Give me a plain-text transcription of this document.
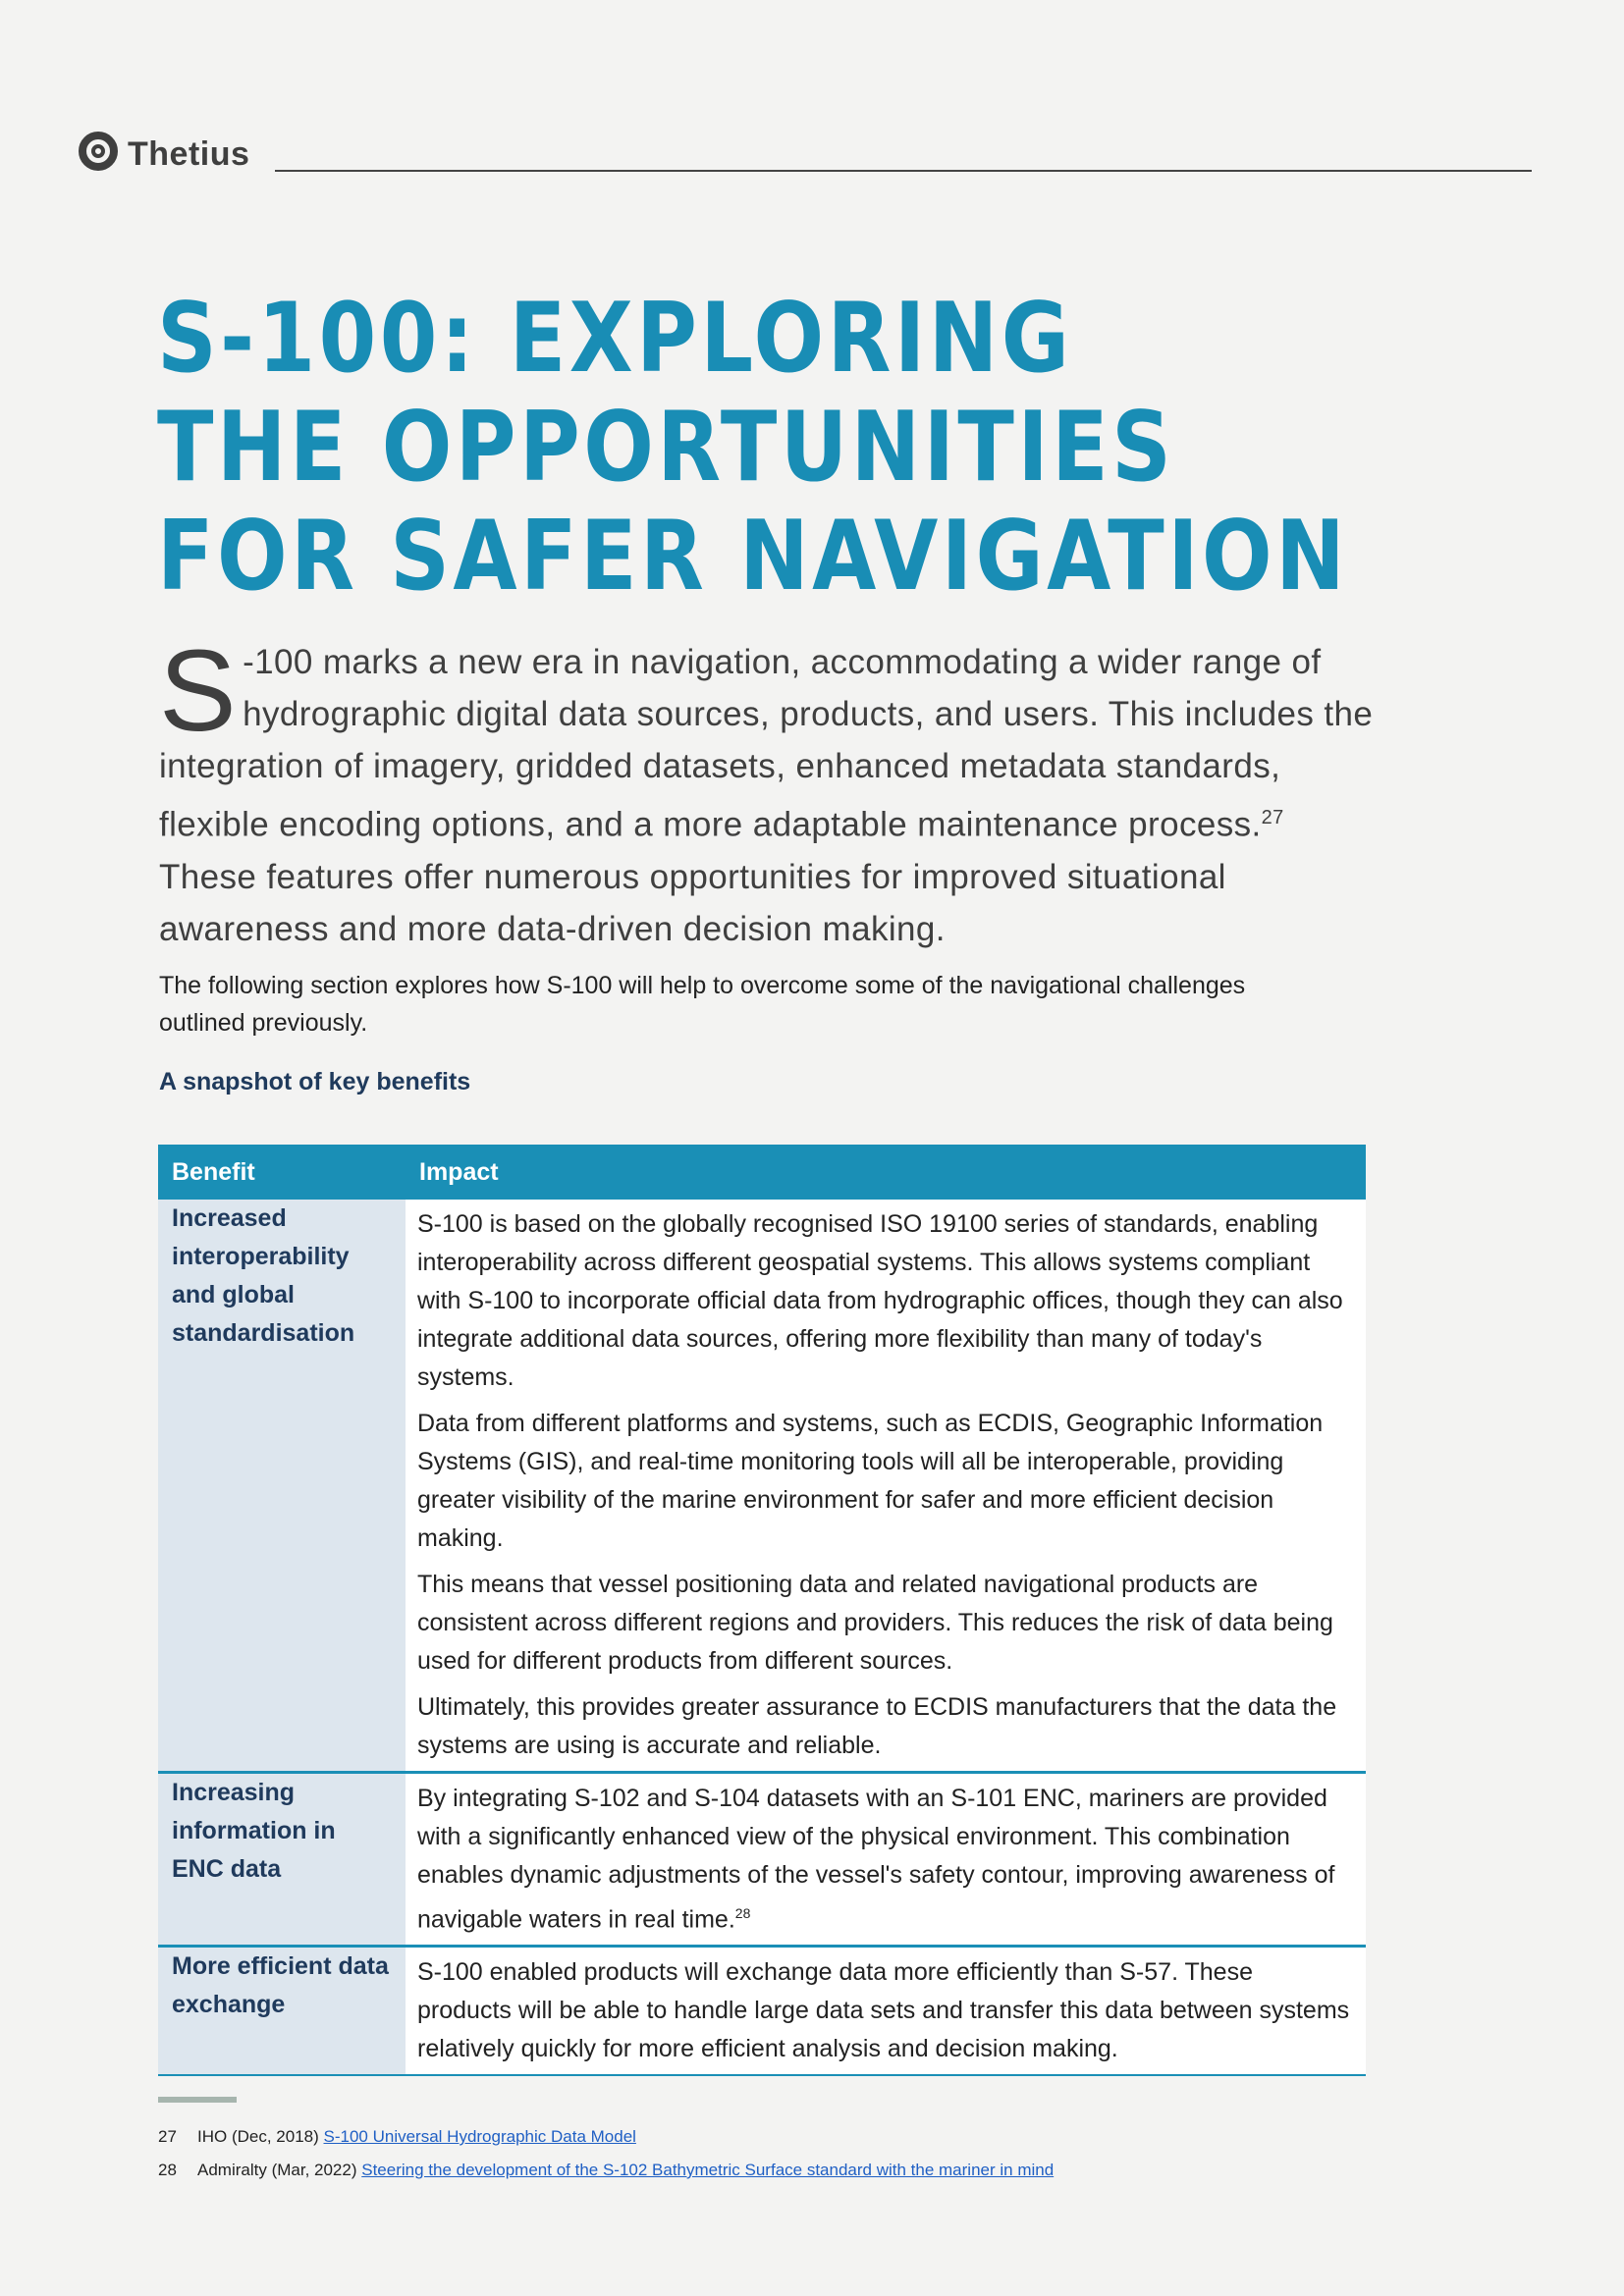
Thetius
S-100: EXPLORING
THE OPPORTUNITIES
FOR SAFER NAVIGATION
S -100 marks a new era in navigation, accommodating a wider range of hydrographic digital data sources, products, and users. This includes the integration of imagery, gridded datasets, enhanced metadata standards, flexible encoding options, and a more adaptable maintenance process.$^{27}$ These features offer numerous opportunities for improved situational awareness and more data-driven decision making.
The following section explores how S-100 will help to overcome some of the navigational challenges outlined previously.
A snapshot of key benefits
Benefit	Impact
Increased interoperability and global standardisation	S-100 is based on the globally recognised ISO 19100 series of standards, enabling interoperability across different geospatial systems. This allows systems compliant with S-100 to incorporate official data from hydrographic offices, though they can also integrate additional data sources, offering more flexibility than many of today's systems.

Data from different platforms and systems, such as ECDIS, Geographic Information Systems (GIS), and real-time monitoring tools will all be interoperable, providing greater visibility of the marine environment for safer and more efficient decision making.

This means that vessel positioning data and related navigational products are consistent across different regions and providers. This reduces the risk of data being used for different products from different sources.

Ultimately, this provides greater assurance to ECDIS manufacturers that the data the systems are using is accurate and reliable.

Increasing information in ENC data	By integrating S-102 and S-104 datasets with an S-101 ENC, mariners are provided with a significantly enhanced view of the physical environment. This combination enables dynamic adjustments of the vessel's safety contour, improving awareness of navigable waters in real time.$^{28}$

More efficient data exchange	S-100 enabled products will exchange data more efficiently than S-57. These products will be able to handle large data sets and transfer this data between systems relatively quickly for more efficient analysis and decision making.

27 IHO (Dec, 2018) S-100 Universal Hydrographic Data Model
28 Admiralty (Mar, 2022) Steering the development of the S-102 Bathymetric Surface standard with the mariner in mind
